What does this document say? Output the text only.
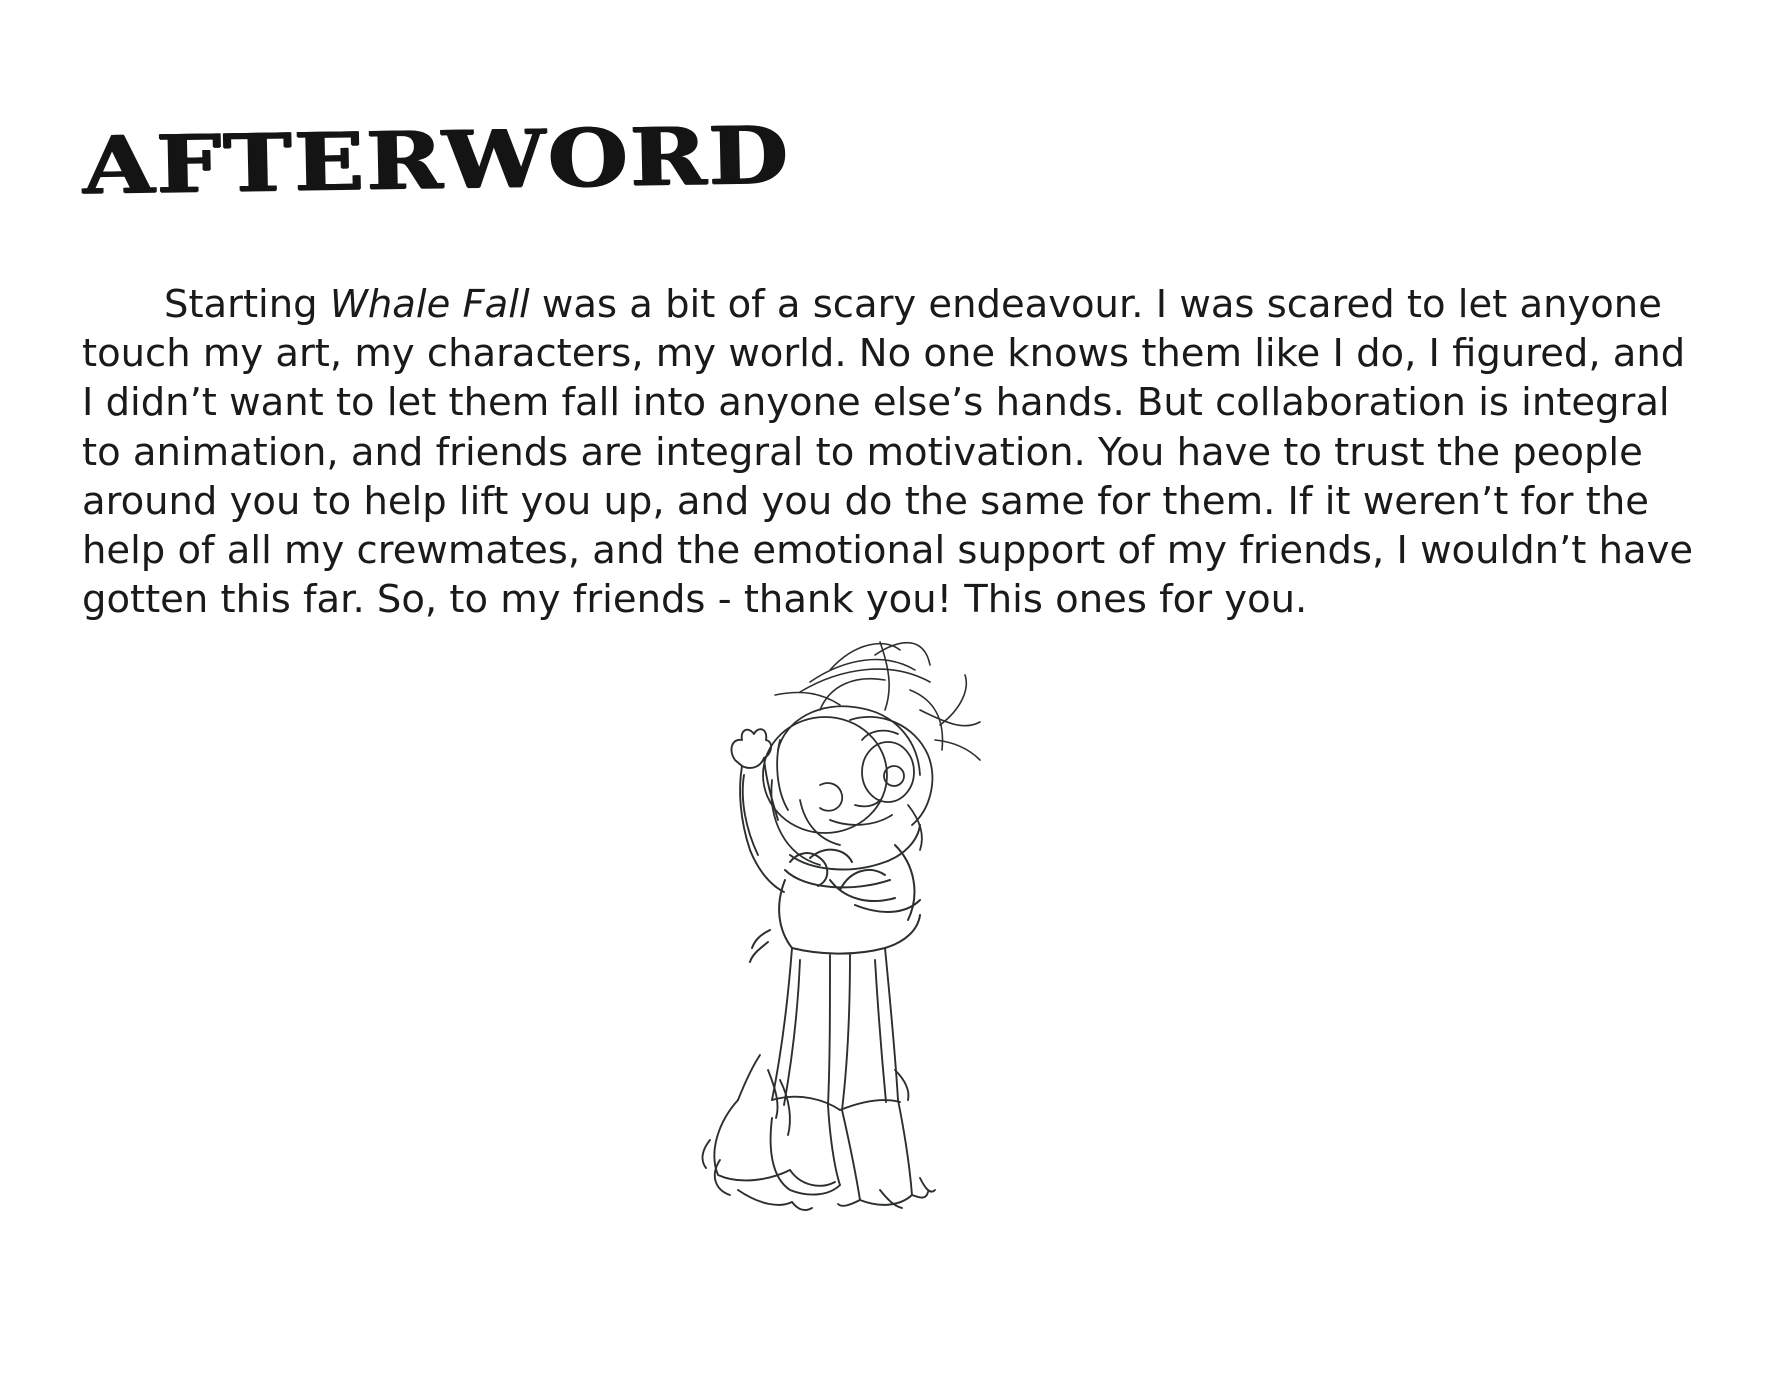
AFTERWORD

Starting Whale Fall was a bit of a scary endeavour. I was scared to let anyone
touch my art, my characters, my world. No one knows them like I do, I figured, and
I didn’t want to let them fall into anyone else’s hands. But collaboration is integral
to animation, and friends are integral to motivation. You have to trust the people
around you to help lift you up, and you do the same for them. If it weren’t for the
help of all my crewmates, and the emotional support of my friends, I wouldn’t have
gotten this far. So, to my friends - thank you! This ones for you.
